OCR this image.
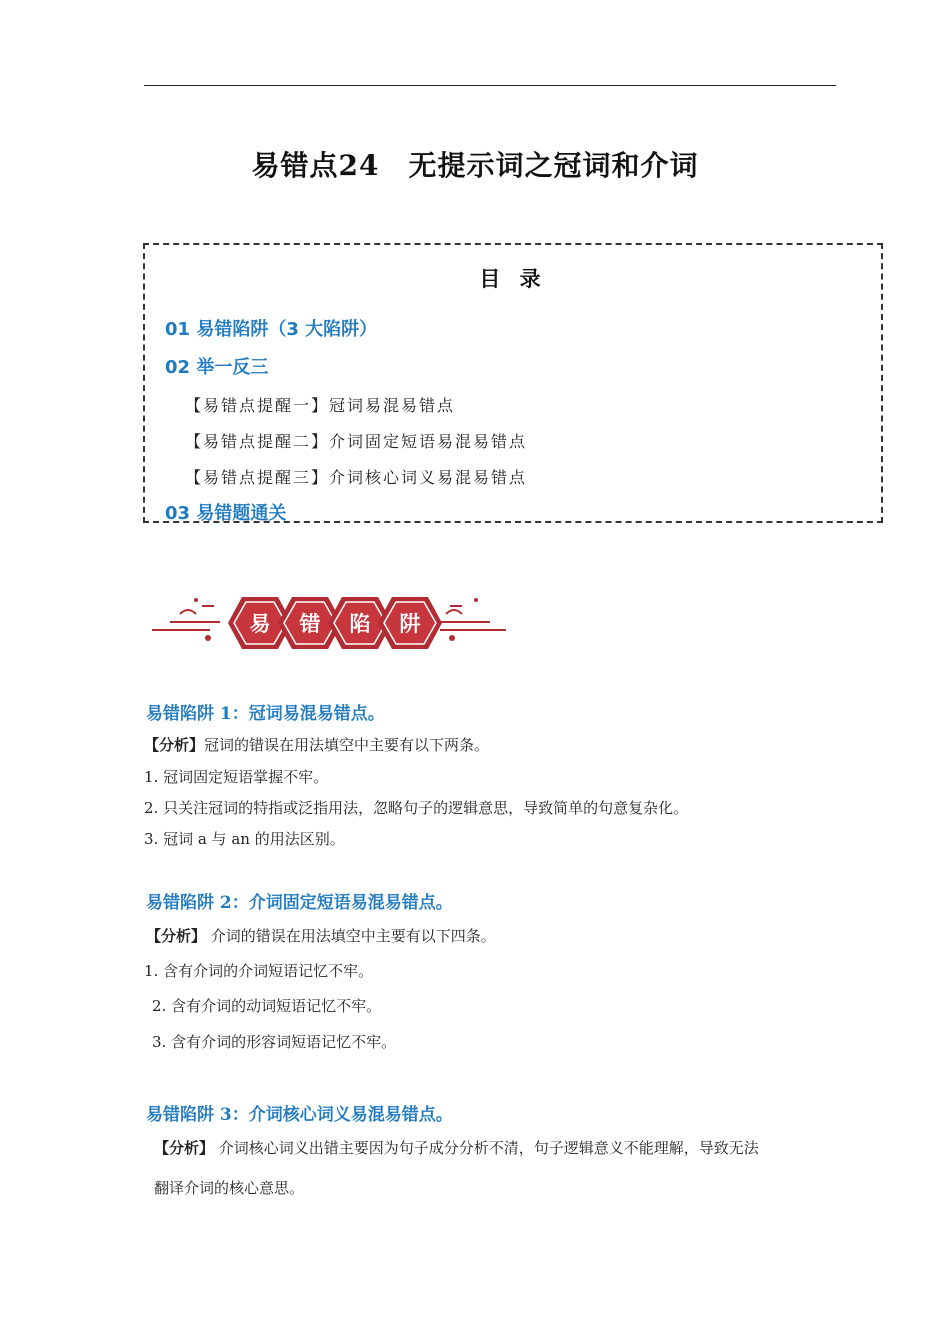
易错点24　无提示词之冠词和介词
目 录
01 易错陷阱（3 大陷阱）
02 举一反三
【易错点提醒一】冠词易混易错点
【易错点提醒二】介词固定短语易混易错点
【易错点提醒三】介词核心词义易混易错点
03 易错题通关
易 错 陷 阱
易错陷阱 1：冠词易混易错点。
【分析】冠词的错误在用法填空中主要有以下两条。
1. 冠词固定短语掌握不牢。
2. 只关注冠词的特指或泛指用法，忽略句子的逻辑意思，导致简单的句意复杂化。
3. 冠词 a 与 an 的用法区别。
易错陷阱 2：介词固定短语易混易错点。
【分析】 介词的错误在用法填空中主要有以下四条。
1. 含有介词的介词短语记忆不牢。
2. 含有介词的动词短语记忆不牢。
3. 含有介词的形容词短语记忆不牢。
易错陷阱 3：介词核心词义易混易错点。
【分析】 介词核心词义出错主要因为句子成分分析不清，句子逻辑意义不能理解，导致无法
翻译介词的核心意思。
